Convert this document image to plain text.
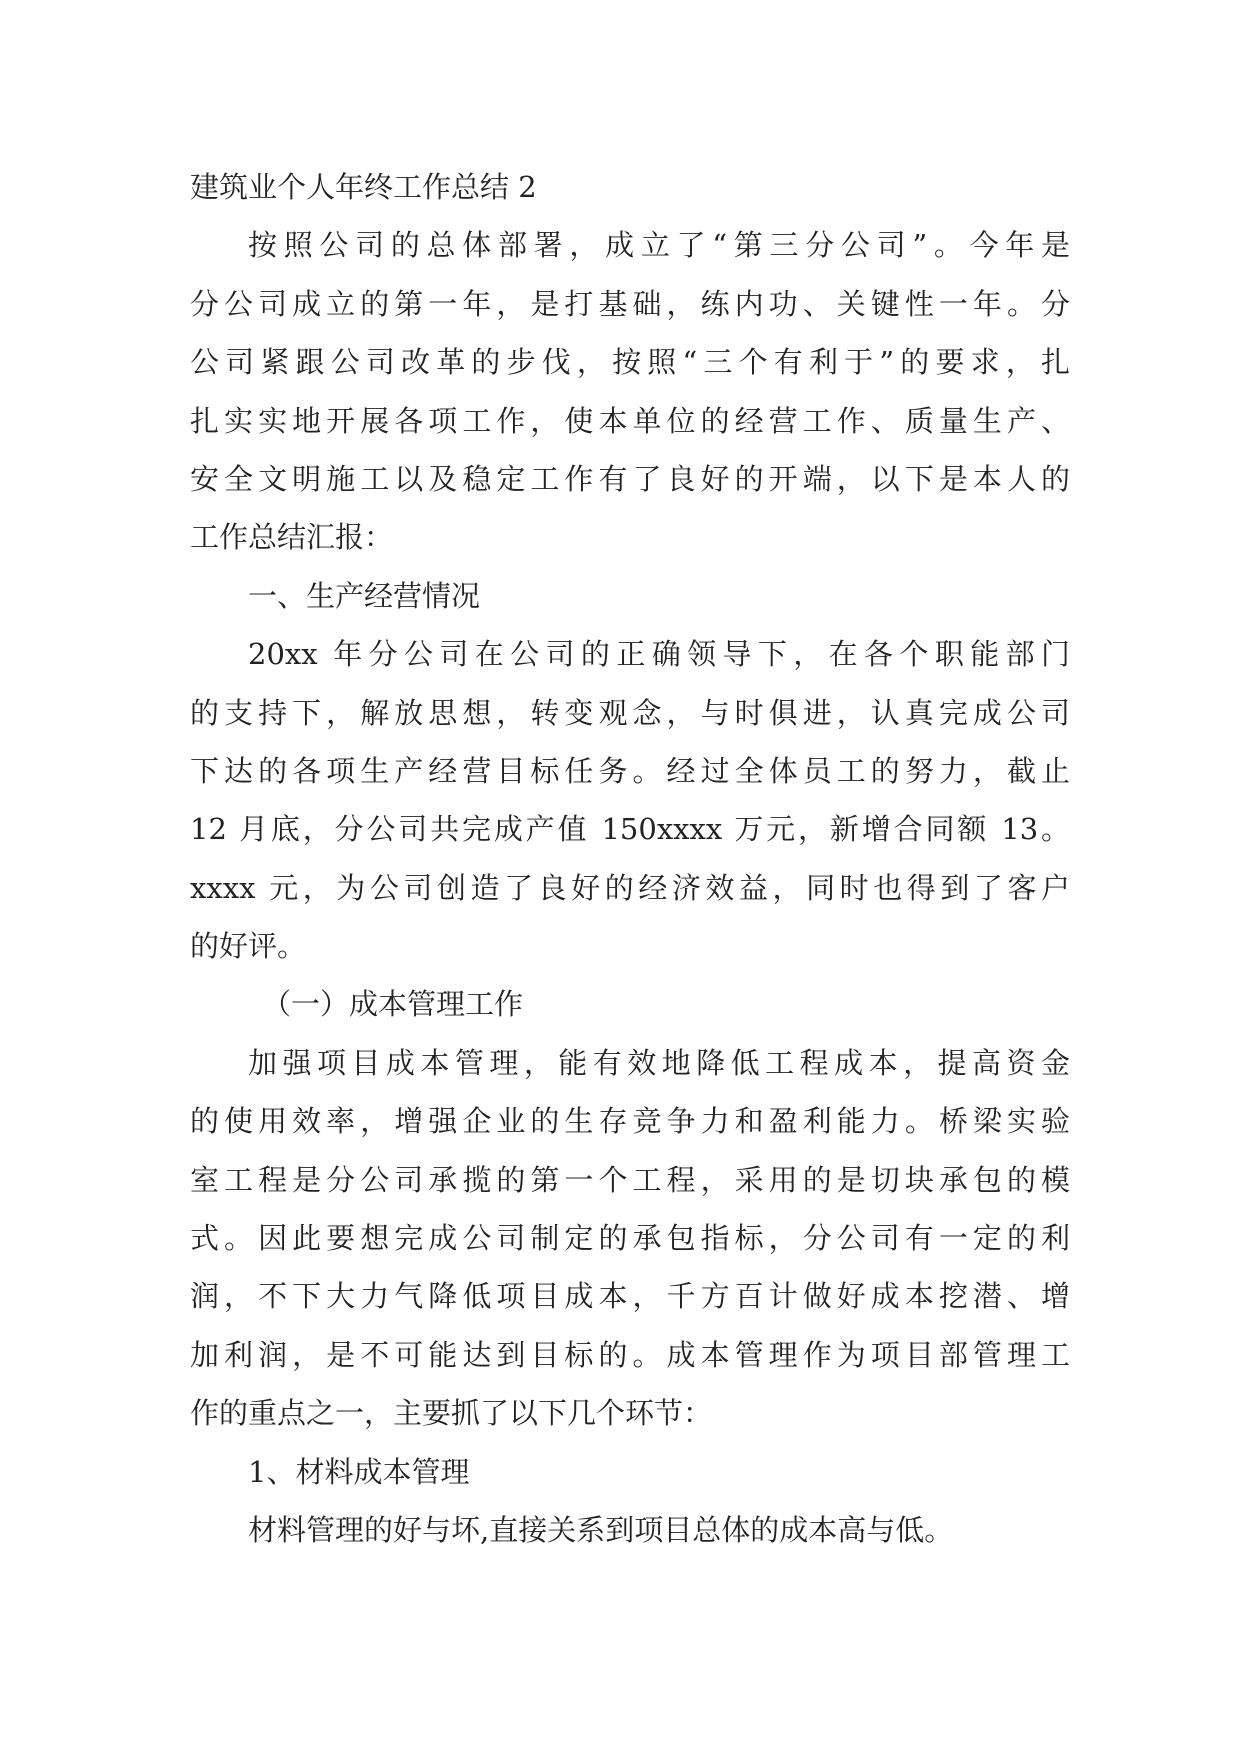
建筑业个人年终工作总结 2
按照公司的总体部署，成立了“第三分公司”。今年是
分公司成立的第一年，是打基础，练内功、关键性一年。分
公司紧跟公司改革的步伐，按照“三个有利于”的要求，扎
扎实实地开展各项工作，使本单位的经营工作、质量生产、
安全文明施工以及稳定工作有了良好的开端，以下是本人的
工作总结汇报：
一、生产经营情况
20xx 年分公司在公司的正确领导下，在各个职能部门
的支持下，解放思想，转变观念，与时俱进，认真完成公司
下达的各项生产经营目标任务。经过全体员工的努力，截止
12 月底，分公司共完成产值 150xxxx 万元，新增合同额 13。
xxxx 元，为公司创造了良好的经济效益，同时也得到了客户
的好评。
（一）成本管理工作
加强项目成本管理，能有效地降低工程成本，提高资金
的使用效率，增强企业的生存竞争力和盈利能力。桥梁实验
室工程是分公司承揽的第一个工程，采用的是切块承包的模
式。因此要想完成公司制定的承包指标，分公司有一定的利
润，不下大力气降低项目成本，千方百计做好成本挖潜、增
加利润，是不可能达到目标的。成本管理作为项目部管理工
作的重点之一，主要抓了以下几个环节：
1、材料成本管理
材料管理的好与坏,直接关系到项目总体的成本高与低。
